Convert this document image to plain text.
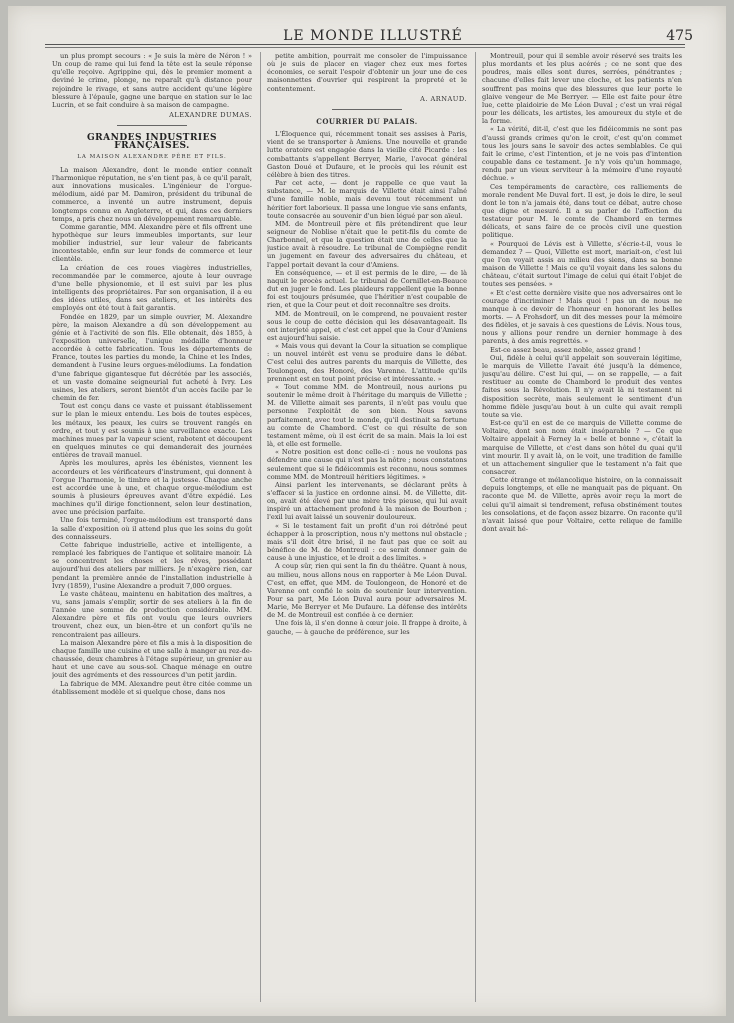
LE MONDE ILLUSTRÉ	475

un plus prompt secours : « Je suis la mère de Néron ! » Un coup de rame qui lui fend la tête est la seule réponse qu'elle reçoive. Agrippine qui, dès le premier moment a deviné le crime, plonge, ne reparaît qu'à distance pour rejoindre le rivage, et sans autre accident qu'une légère blessure à l'épaule, gagne une barque en station sur le lac Lucrin, et se fait conduire à sa maison de campagne.

ALEXANDRE DUMAS.

GRANDES INDUSTRIES FRANÇAISES.

LA MAISON ALEXANDRE PÈRE ET FILS.

La maison Alexandre, dont le monde entier connaît l'harmonique réputation, ne s'en tient pas, à ce qu'il paraît, aux innovations musicales. L'ingénieur de l'orgue-mélodium, aidé par M. Damiron, président du tribunal de commerce, a inventé un autre instrument, depuis longtemps connu en Angleterre, et qui, dans ces derniers temps, a pris chez nous un développement remarquable.

Comme garantie, MM. Alexandre père et fils offrent une hypothèque sur leurs immeubles importants, sur leur mobilier industriel, sur leur valeur de fabricants incontestable, enfin sur leur fonds de commerce et leur clientèle.

La création de ces roues viagères industrielles, recommandée par le commerce, ajoute à leur ouvrage d'une belle physionomie, et il est suivi par les plus intelligents des propriétaires. Par son organisation, il a eu des idées utiles, dans ses ateliers, et les intérêts des employés ont été tout à fait garantis.

Fondée en 1829, par un simple ouvrier, M. Alexandre père, la maison Alexandre a dû son développement au génie et à l'activité de son fils. Elle obtenait, dès 1855, à l'exposition universelle, l'unique médaille d'honneur accordée à cette fabrication. Tous les départements de France, toutes les parties du monde, la Chine et les Indes, demandent à l'usine leurs orgues-mélodiums. La fondation d'une fabrique gigantesque fut décrétée par les associés, et un vaste domaine seigneurial fut acheté à Ivry. Les usines, les ateliers, seront bientôt d'un accès facile par le chemin de fer.

Tout est conçu dans ce vaste et puissant établissement sur le plan le mieux entendu. Les bois de toutes espèces, les métaux, les peaux, les cuirs se trouvent rangés en ordre, et tout y est soumis à une surveillance exacte. Les machines mues par la vapeur scient, rabotent et découpent en quelques minutes ce qui demanderait des journées entières de travail manuel.

Après les moulures, après les ébénistes, viennent les accordeurs et les vérificateurs d'instrument, qui donnent à l'orgue l'harmonie, le timbre et la justesse. Chaque anche est accordée une à une, et chaque orgue-mélodium est soumis à plusieurs épreuves avant d'être expédié. Les machines qu'il dirige fonctionnent, selon leur destination, avec une précision parfaite.

Une fois terminé, l'orgue-mélodium est transporté dans la salle d'exposition où il attend plus que les soins du goût des connaisseurs.

Cette fabrique industrielle, active et intelligente, a remplacé les fabriques de l'antique et solitaire manoir. Là se concentrent les choses et les rêves, possédant aujourd'hui des ateliers par milliers. Je n'exagère rien, car pendant la première année de l'installation industrielle à Ivry (1859), l'usine Alexandre a produit 7,000 orgues.

Le vaste château, maintenu en habitation des maîtres, a vu, sans jamais s'emplir, sortir de ses ateliers à la fin de l'année une somme de production considérable. MM. Alexandre père et fils ont voulu que leurs ouvriers trouvent, chez eux, un bien-être et un confort qu'ils ne rencontraient pas ailleurs.

La maison Alexandre père et fils a mis à la disposition de chaque famille une cuisine et une salle à manger au rez-de-chaussée, deux chambres à l'étage supérieur, un grenier au haut et une cave au sous-sol. Chaque ménage en outre jouit des agréments et des ressources d'un petit jardin.

La fabrique de MM. Alexandre peut être citée comme un établissement modèle et si quelque chose, dans nos

petite ambition, pourrait me consoler de l'impuissance où je suis de placer en viager chez eux mes fortes économies, ce serait l'espoir d'obtenir un jour une de ces maisonnettes d'ouvrier qui respirent la propreté et le contentement.

A. ARNAUD.

COURRIER DU PALAIS.

L'Éloquence qui, récemment tonait ses assises à Paris, vient de se transporter à Amiens. Une nouvelle et grande lutte oratoire est engagée dans la vieille cité Picarde : les combattants s'appellent Berryer, Marie, l'avocat général Gaston Doué et Dufaure, et le procès qui les réunit est célèbre à bien des titres.

Par cet acte, — dont je rappelle ce que vaut la substance, — M. le marquis de Villette était ainsi l'aîné d'une famille noble, mais devenu tout récemment un héritier fort laborieux. Il passa une longue vie sans enfants, toute consacrée au souvenir d'un bien légué par son aïeul.

MM. de Montreuil père et fils prétendirent que leur seigneur de Noblise n'était que le petit-fils du comte de Charbonnel, et que la question était une de celles que la justice avait à résoudre. Le tribunal de Compiègne rendit un jugement en faveur des adversaires du château, et l'appel portait devant la cour d'Amiens.

En conséquence, — et il est permis de le dire, — de là naquit le procès actuel. Le tribunal de Cornillet-en-Beauce dut en juger le fond. Les plaideurs rappellent que la bonne foi est toujours présumée, que l'héritier n'est coupable de rien, et que la Cour peut et doit reconnaître ses droits.

MM. de Montreuil, on le comprend, ne pouvaient rester sous le coup de cette décision qui les désavantageait. Ils ont interjeté appel, et c'est cet appel que la Cour d'Amiens est aujourd'hui saisie.

« Mais vous qui devant la Cour la situation se complique : un nouvel intérêt est venu se produire dans le débat. C'est celui des autres parents du marquis de Villette, des Toulongeon, des Honoré, des Varenne. L'attitude qu'ils prennent est en tout point précise et intéressante. »

« Tout comme MM. de Montreuil, nous aurions pu soutenir le même droit à l'héritage du marquis de Villette ; M. de Villette aimait ses parents, il n'eût pas voulu que personne l'exploitât de son bien. Nous savons parfaitement, avec tout le monde, qu'il destinait sa fortune au comte de Chambord. C'est ce qui résulte de son testament même, où il est écrit de sa main. Mais la loi est là, et elle est formelle.

« Notre position est donc celle-ci : nous ne voulons pas défendre une cause qui n'est pas la nôtre ; nous constatons seulement que si le fidéicommis est reconnu, nous sommes comme MM. de Montreuil héritiers légitimes. »

Ainsi parlent les intervenants, se déclarant prêts à s'effacer si la justice en ordonne ainsi. M. de Villette, dit-on, avait été élevé par une mère très pieuse, qui lui avait inspiré un attachement profond à la maison de Bourbon ; l'exil lui avait laissé un souvenir douloureux.

« Si le testament fait un profit d'un roi détrôné peut échapper à la proscription, nous n'y mettons nul obstacle ; mais s'il doit être brisé, il ne faut pas que ce soit au bénéfice de M. de Montreuil : ce serait donner gain de cause à une injustice, et le droit a des limites. »

A coup sûr, rien qui sent la fin du théâtre. Quant à nous, au milieu, nous allons nous en rapporter à Me Léon Duval. C'est, en effet, que MM. de Toulongeon, de Honoré et de Varenne ont confié le soin de soutenir leur intervention. Pour sa part, Me Léon Duval aura pour adversaires M. Marie, Me Berryer et Me Dufaure. La défense des intérêts de M. de Montreuil est confiée à ce dernier.

Une fois là, il s'en donne à cœur joie. Il frappe à droite, à gauche, — à gauche de préférence, sur les

Montreuil, pour qui il semble avoir réservé ses traits les plus mordants et les plus acérés ; ce ne sont que des poudres, mais elles sont dures, serrées, pénétrantes ; chacune d'elles fait lever une cloche, et les patients n'en souffrent pas moins que des blessures que leur porte le glaive vengeur de Me Berryer. — Elle est faite pour être lue, cette plaidoirie de Me Léon Duval ; c'est un vrai régal pour les délicats, les artistes, les amoureux du style et de la forme.

« La vérité, dit-il, c'est que les fidéicommis ne sont pas d'aussi grands crimes qu'on le croit, c'est qu'on commet tous les jours sans le savoir des actes semblables. Ce qui fait le crime, c'est l'intention, et je ne vois pas d'intention coupable dans ce testament. Je n'y vois qu'un hommage, rendu par un vieux serviteur à la mémoire d'une royauté déchue. »

Ces tempéraments de caractère, ces ralliements de morale rendent Me Duval fort. Il est, je dois le dire, le seul dont le ton n'a jamais été, dans tout ce débat, autre chose que digne et mesuré. Il a su parler de l'affection du testateur pour M. le comte de Chambord en termes délicats, et sans faire de ce procès civil une question politique.

« Pourquoi de Lévis est à Villette, s'écrie-t-il, vous le demandez ? — Quoi, Villette est mort, mariait-on, c'est lui que l'on voyait assis au milieu des siens, dans sa bonne maison de Villette ! Mais ce qu'il voyait dans les salons du château, c'était surtout l'image de celui qui était l'objet de toutes ses pensées. »

« Et c'est cette dernière visite que nos adversaires ont le courage d'incriminer ! Mais quoi ! pas un de nous ne manque à ce devoir de l'honneur en honorant les belles morts. — A Frohsdorf, un dit des messes pour la mémoire des fidèles, et je savais à ces questions de Lévis. Nous tous, nous y allions pour rendre un dernier hommage à des parents, à des amis regrettés. »

Est-ce assez beau, assez noble, assez grand !

Oui, fidèle à celui qu'il appelait son souverain légitime, le marquis de Villette l'avait été jusqu'à la démence, jusqu'au délire. C'est lui qui, — on se rappelle, — a fait restituer au comte de Chambord le produit des ventes faites sous la Révolution. Il n'y avait là ni testament ni disposition secrète, mais seulement le sentiment d'un homme fidèle jusqu'au bout à un culte qui avait rempli toute sa vie.

Est-ce qu'il en est de ce marquis de Villette comme de Voltaire, dont son nom était inséparable ? — Ce que Voltaire appelait à Ferney la « belle et bonne », c'était la marquise de Villette, et c'est dans son hôtel du quai qu'il vint mourir. Il y avait là, on le voit, une tradition de famille et un attachement singulier que le testament n'a fait que consacrer.

Cette étrange et mélancolique histoire, on la connaissait depuis longtemps, et elle ne manquait pas de piquant. On raconte que M. de Villette, après avoir reçu la mort de celui qu'il aimait si tendrement, refusa obstinément toutes les consolations, et de façon assez bizarre. On raconte qu'il n'avait laissé que pour Voltaire, cette relique de famille dont avait hé-
